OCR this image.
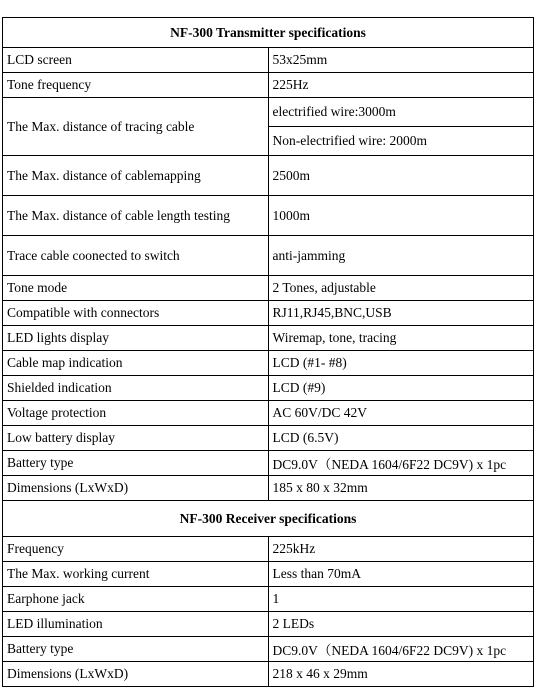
NF-300 Transmitter specifications	
LCD screen	53x25mm
Tone frequency	225Hz
The Max. distance of tracing cable	electrified wire:3000m
	Non-electrified wire: 2000m
The Max. distance of cablemapping	2500m
The Max. distance of cable length testing	1000m
Trace cable coonected to switch	anti-jamming
Tone mode	2 Tones, adjustable
Compatible with connectors	RJ11,RJ45,BNC,USB
LED lights display	Wiremap, tone, tracing
Cable map indication	LCD (#1- #8)
Shielded indication	LCD (#9)
Voltage protection	AC 60V/DC 42V
Low battery display	LCD (6.5V)
Battery type	DC9.0V（NEDA 1604/6F22 DC9V) x 1pc
Dimensions (LxWxD)	185 x 80 x 32mm
NF-300 Receiver specifications	
Frequency	225kHz
The Max. working current	Less than 70mA
Earphone jack	1
LED illumination	2 LEDs
Battery type	DC9.0V（NEDA 1604/6F22 DC9V) x 1pc
Dimensions (LxWxD)	218 x 46 x 29mm
